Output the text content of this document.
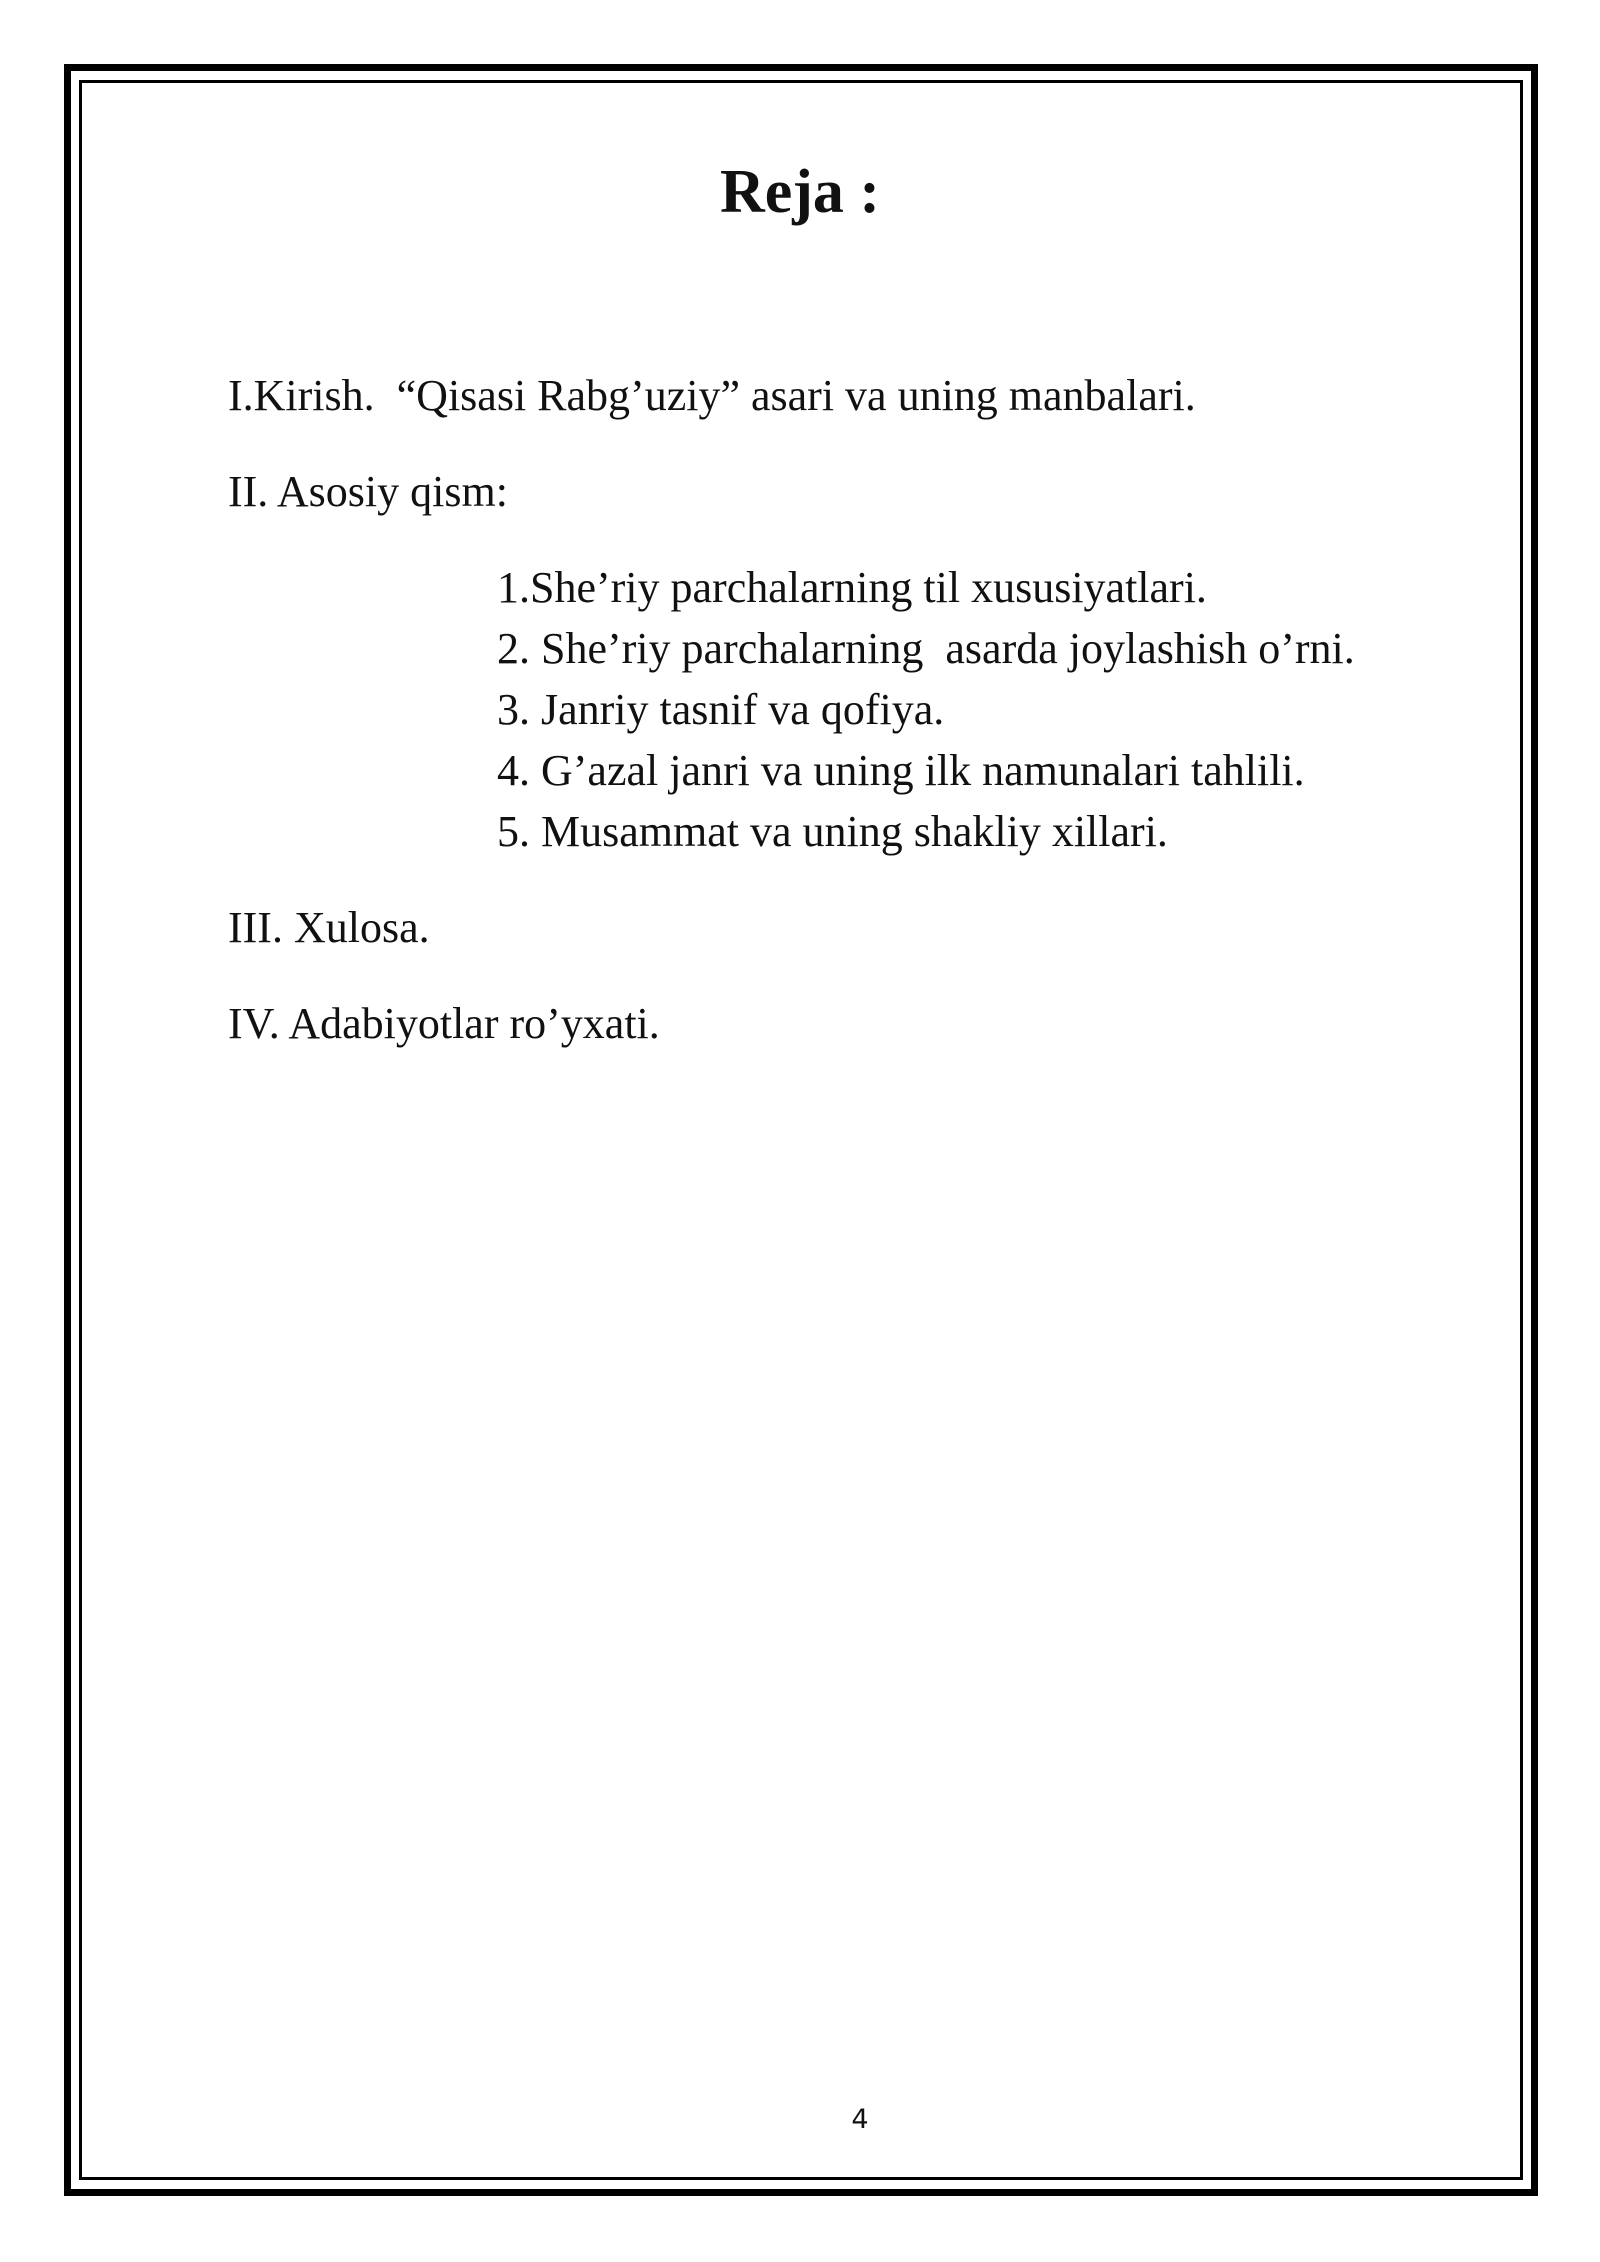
Reja :

I.Kirish.  “Qisasi Rabg’uziy” asari va uning manbalari.

II. Asosiy qism:

1.She’riy parchalarning til xususiyatlari.

2. She’riy parchalarning  asarda joylashish o’rni.

3. Janriy tasnif va qofiya.

4. G’azal janri va uning ilk namunalari tahlili.

5. Musammat va uning shakliy xillari.

III. Xulosa.

IV. Adabiyotlar ro’yxati.

4
